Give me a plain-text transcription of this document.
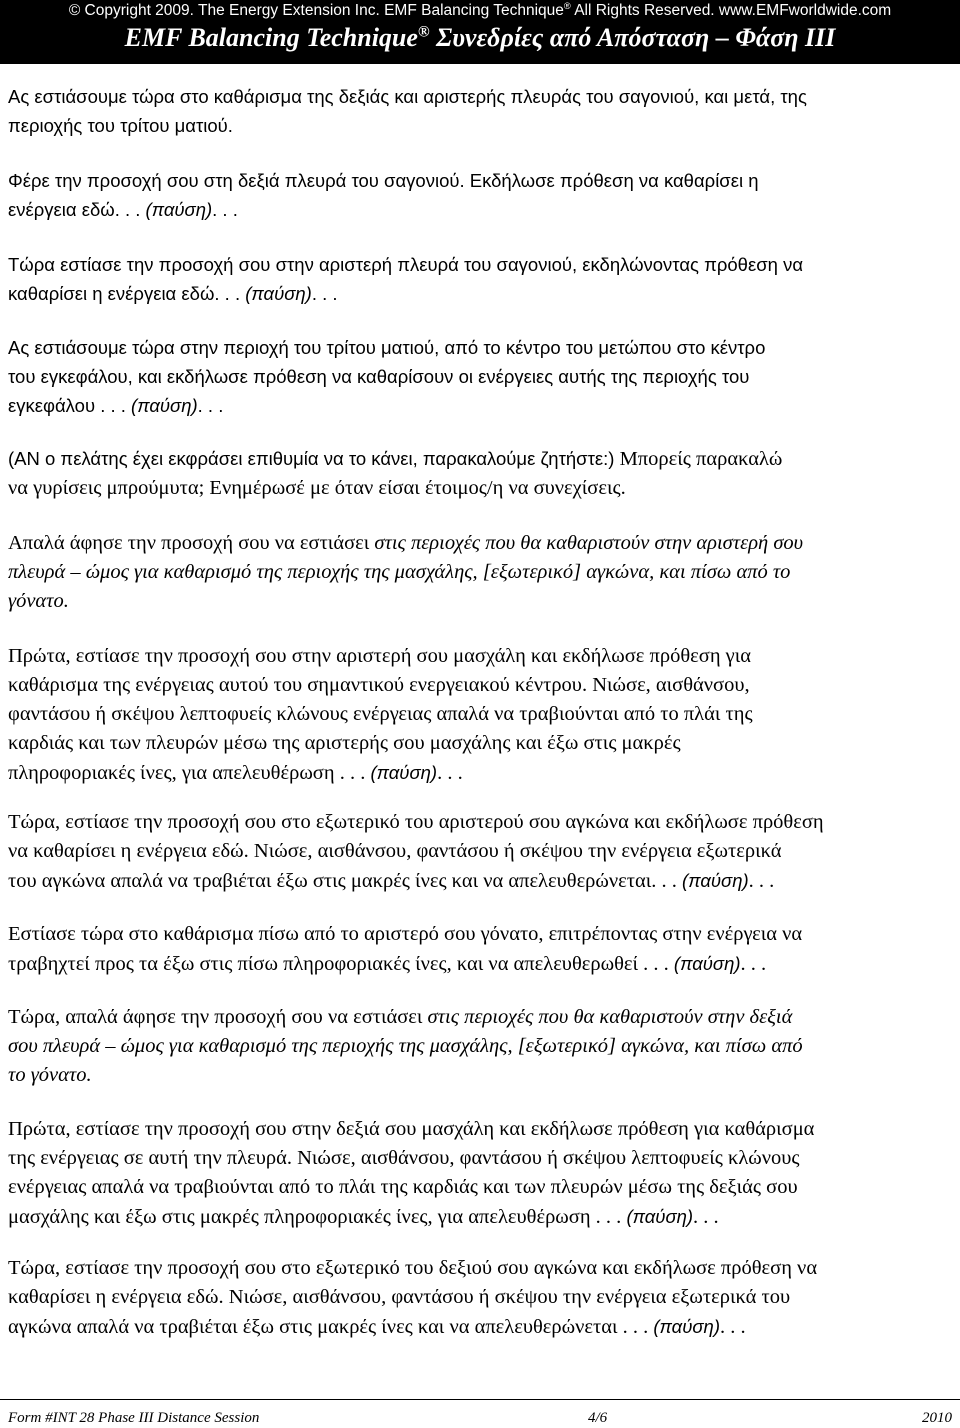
© Copyright 2009. The Energy Extension Inc. EMF Balancing Technique® All Rights Reserved. www.EMFworldwide.com
EMF Balancing Technique® Συνεδρίες από Απόσταση – Φάση III
Ας εστιάσουμε τώρα στο καθάρισμα της δεξιάς και αριστερής πλευράς του σαγονιού, και μετά, της
περιοχής του τρίτου ματιού.
Φέρε την προσοχή σου στη δεξιά πλευρά του σαγονιού. Εκδήλωσε πρόθεση να καθαρίσει η
ενέργεια εδώ. . . (παύση). . .
Τώρα εστίασε την προσοχή σου στην αριστερή πλευρά του σαγονιού, εκδηλώνοντας πρόθεση να
καθαρίσει η ενέργεια εδώ. . . (παύση). . .
Ας εστιάσουμε τώρα στην περιοχή του τρίτου ματιού, από το κέντρο του μετώπου στο κέντρο
του εγκεφάλου, και εκδήλωσε πρόθεση να καθαρίσουν οι ενέργειες αυτής της περιοχής του
εγκεφάλου . . . (παύση). . .
(ΑΝ ο πελάτης έχει εκφράσει επιθυμία να το κάνει, παρακαλούμε ζητήστε:) Μπορείς παρακαλώ
να γυρίσεις μπρούμυτα; Ενημέρωσέ με όταν είσαι έτοιμος/η να συνεχίσεις.
Απαλά άφησε την προσοχή σου να εστιάσει στις περιοχές που θα καθαριστούν στην αριστερή σου
πλευρά – ώμος για καθαρισμό της περιοχής της μασχάλης, [εξωτερικό] αγκώνα, και πίσω από το
γόνατο.
Πρώτα, εστίασε την προσοχή σου στην αριστερή σου μασχάλη και εκδήλωσε πρόθεση για
καθάρισμα της ενέργειας αυτού του σημαντικού ενεργειακού κέντρου. Νιώσε, αισθάνσου,
φαντάσου ή σκέψου λεπτοφυείς κλώνους ενέργειας απαλά να τραβιούνται από το πλάι της
καρδιάς και των πλευρών μέσω της αριστερής σου μασχάλης και έξω στις μακρές
πληροφοριακές ίνες, για απελευθέρωση . . . (παύση). . .
Τώρα, εστίασε την προσοχή σου στο εξωτερικό του αριστερού σου αγκώνα και εκδήλωσε πρόθεση
να καθαρίσει η ενέργεια εδώ. Νιώσε, αισθάνσου, φαντάσου ή σκέψου την ενέργεια εξωτερικά
του αγκώνα απαλά να τραβιέται έξω στις μακρές ίνες και να απελευθερώνεται. . . (παύση). . .
Εστίασε τώρα στο καθάρισμα πίσω από το αριστερό σου γόνατο, επιτρέποντας στην ενέργεια να
τραβηχτεί προς τα έξω στις πίσω πληροφοριακές ίνες, και να απελευθερωθεί . . . (παύση). . .
Τώρα, απαλά άφησε την προσοχή σου να εστιάσει στις περιοχές που θα καθαριστούν στην δεξιά
σου πλευρά – ώμος για καθαρισμό της περιοχής της μασχάλης, [εξωτερικό] αγκώνα, και πίσω από
το γόνατο.
Πρώτα, εστίασε την προσοχή σου στην δεξιά σου μασχάλη και εκδήλωσε πρόθεση για καθάρισμα
της ενέργειας σε αυτή την πλευρά. Νιώσε, αισθάνσου, φαντάσου ή σκέψου λεπτοφυείς κλώνους
ενέργειας απαλά να τραβιούνται από το πλάι της καρδιάς και των πλευρών μέσω της δεξιάς σου
μασχάλης και έξω στις μακρές πληροφοριακές ίνες, για απελευθέρωση . . . (παύση). . .
Τώρα, εστίασε την προσοχή σου στο εξωτερικό του δεξιού σου αγκώνα και εκδήλωσε πρόθεση να
καθαρίσει η ενέργεια εδώ. Νιώσε, αισθάνσου, φαντάσου ή σκέψου την ενέργεια εξωτερικά του
αγκώνα απαλά να τραβιέται έξω στις μακρές ίνες και να απελευθερώνεται . . . (παύση). . .
Form #INT 28 Phase III Distance Session	4/6	2010
